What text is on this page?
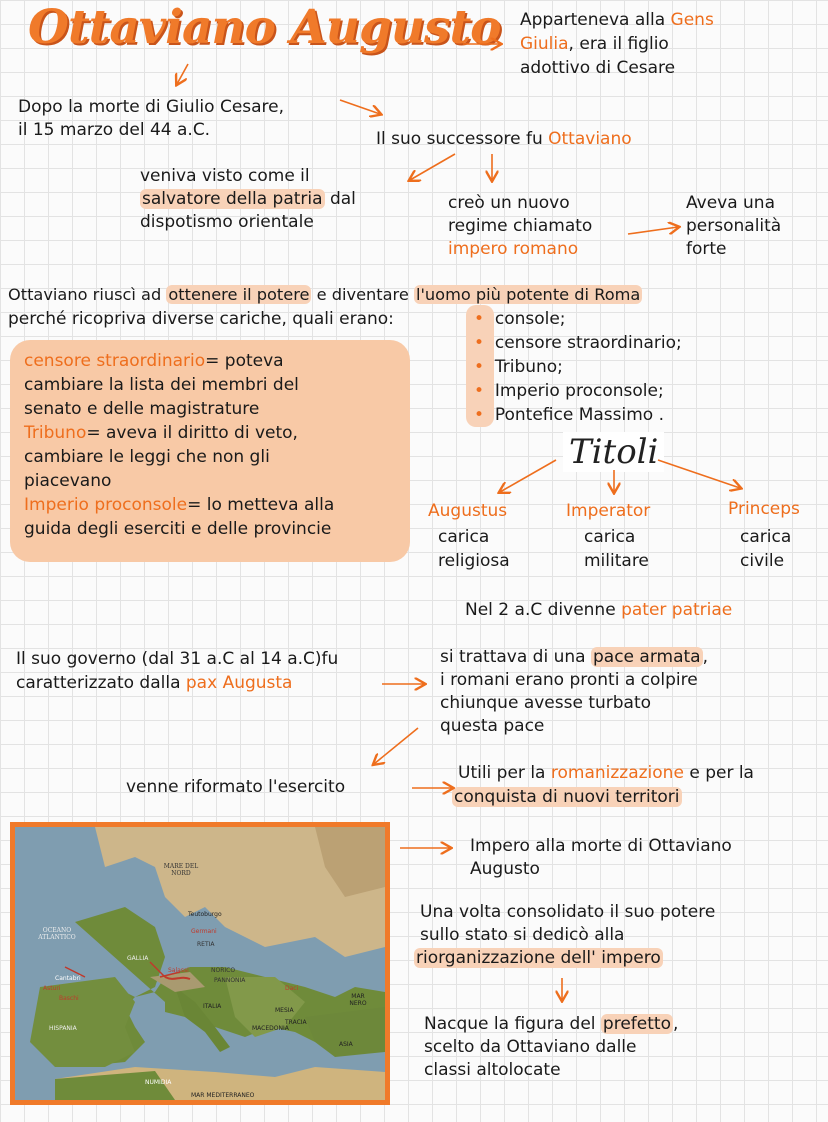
Ottaviano Augusto Apparteneva alla Gens
Giulia, era il figlio
adottivo di Cesare
Dopo la morte di Giulio Cesare,
il 15 marzo del 44 a.C.	Il suo successore fu Ottaviano
veniva visto come il
salvatore della patria dal
dispotismo orientale
creò un nuovo
regime chiamato
impero romano
Aveva una
personalità
forte
Ottaviano riuscì ad ottenere il potere e diventare l'uomo più potente di Roma
perché ricopriva diverse cariche, quali erano:	• console;
• censore straordinario;
• Tribuno;
• Imperio proconsole;
• Pontefice Massimo .
censore straordinario= poteva
cambiare la lista dei membri del
senato e delle magistrature
Tribuno= aveva il diritto di veto,
cambiare le leggi che non gli
piacevano
Imperio proconsole= lo metteva alla
guida degli eserciti e delle provincie
Titoli
Augustus
carica
religiosa
Imperator
carica
militare
Princeps
carica
civile
Nel 2 a.C divenne pater patriae
Il suo governo (dal 31 a.C al 14 a.C)fu
caratterizzato dalla pax Augusta
si trattava di una pace armata ,
i romani erano pronti a colpire
chiunque avesse turbato
questa pace
venne riformato l'esercito
Utili per la romanizzazione e per la
conquista di nuovi territori
MARE DEL NORD
OCEANO ATLANTICO
Teutoburgo
GALLIA
Germani
RETIA
NORICO
PANNONIA
Cantabri
Asturi
Baschi
Salassi
ITALIA
Daci
MAR NERO
MESIA
TRACIA
MACEDONIA
ASIA
HISPANIA
NUMIDIA
MAR MEDITERRANEO
Impero alla morte di Ottaviano
Augusto
Una volta consolidato il suo potere
sullo stato si dedicò alla
riorganizzazione dell' impero
Nacque la figura del prefetto ,
scelto da Ottaviano dalle
classi altolocate
